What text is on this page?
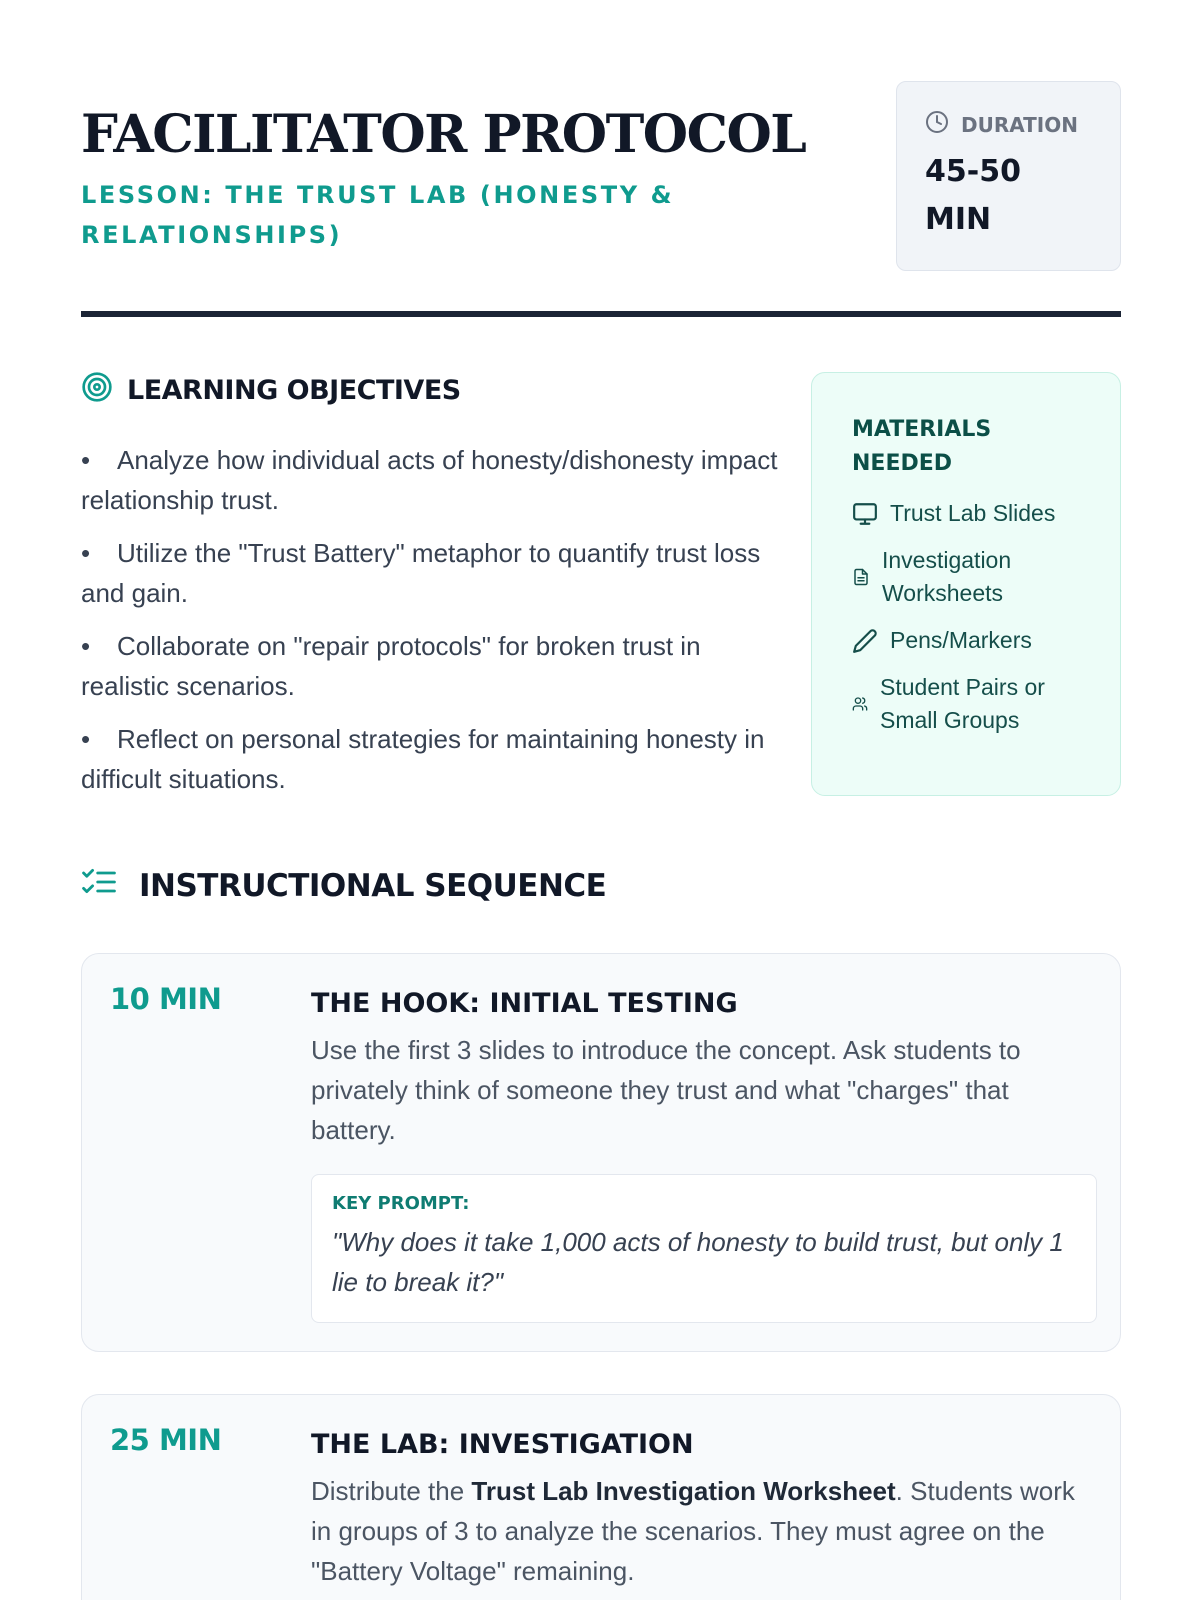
FACILITATOR PROTOCOL
LESSON: THE TRUST LAB (HONESTY & RELATIONSHIPS)
DURATION
45-50 MIN
LEARNING OBJECTIVES
• Analyze how individual acts of honesty/dishonesty impact relationship trust.
• Utilize the "Trust Battery" metaphor to quantify trust loss and gain.
• Collaborate on "repair protocols" for broken trust in realistic scenarios.
• Reflect on personal strategies for maintaining honesty in difficult situations.
MATERIALS NEEDED
Trust Lab Slides
Investigation Worksheets
Pens/Markers
Student Pairs or Small Groups
INSTRUCTIONAL SEQUENCE
10 MIN	THE HOOK: INITIAL TESTING
Use the first 3 slides to introduce the concept. Ask students to privately think of someone they trust and what "charges" that battery.
KEY PROMPT:
"Why does it take 1,000 acts of honesty to build trust, but only 1 lie to break it?"
25 MIN	THE LAB: INVESTIGATION
Distribute the Trust Lab Investigation Worksheet. Students work in groups of 3 to analyze the scenarios. They must agree on the "Battery Voltage" remaining.
